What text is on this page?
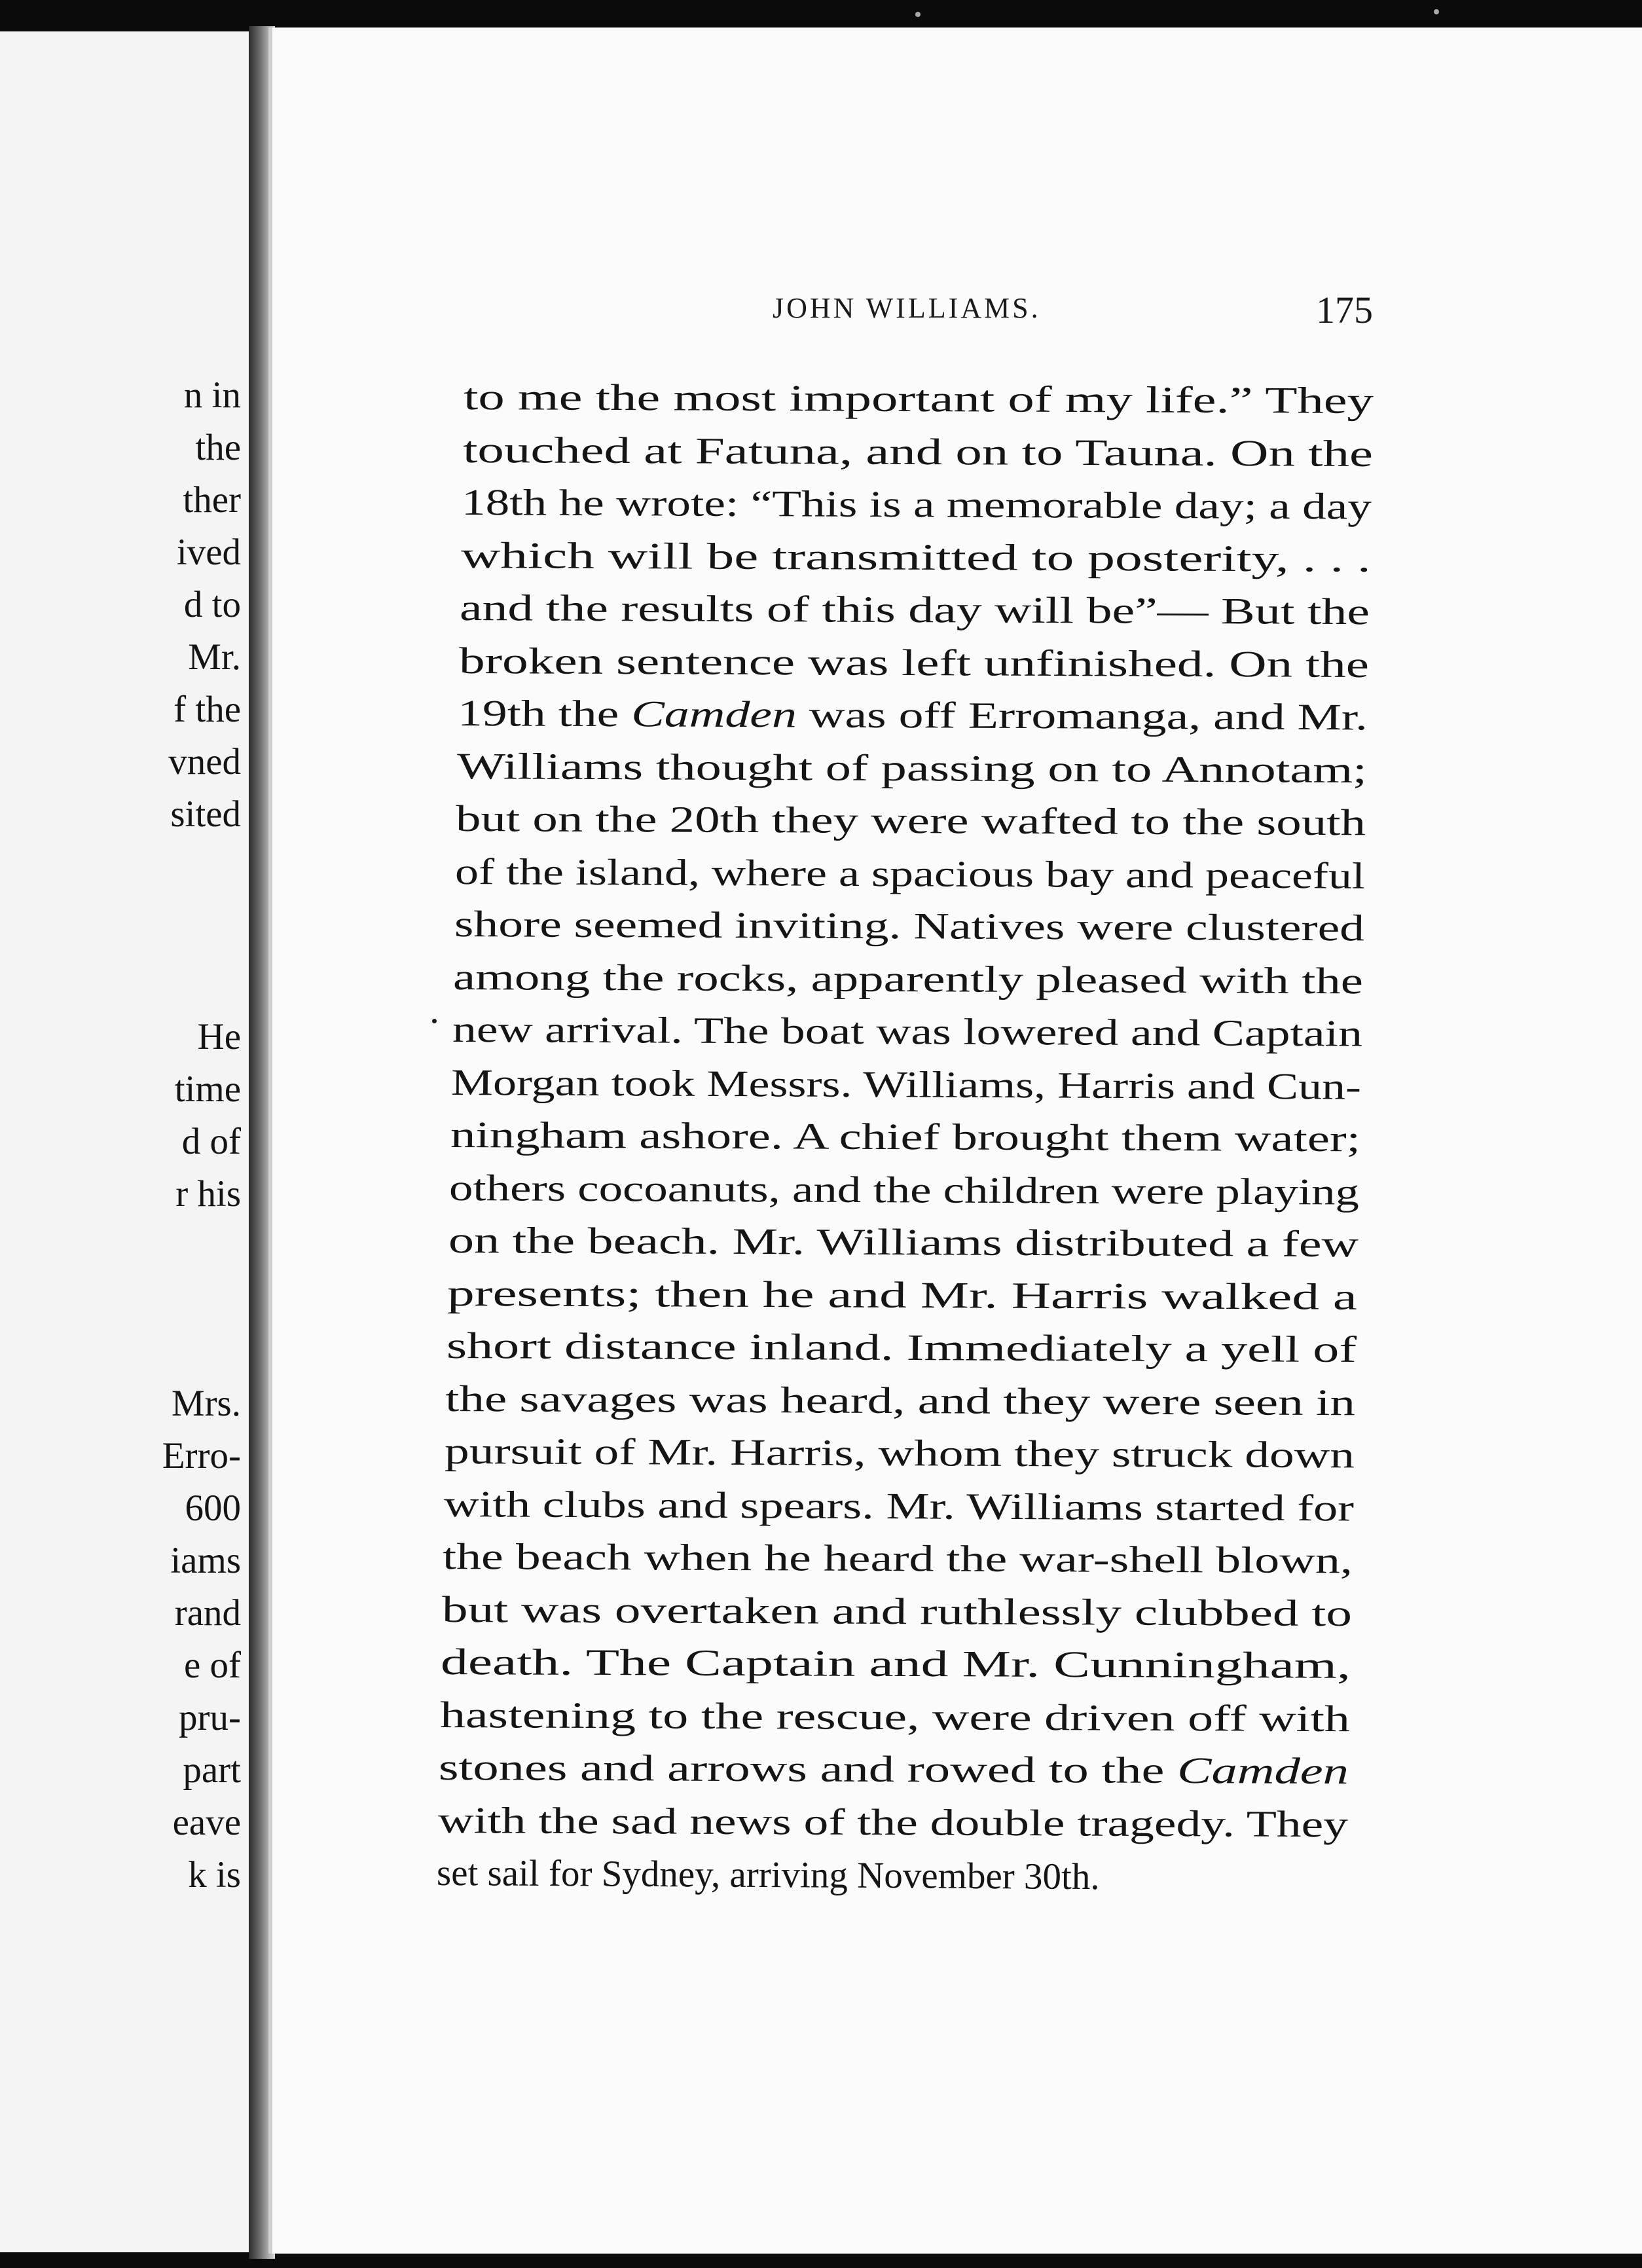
n in
the
ther
ived
d to
Mr.
f the
vned
sited
He
time
d of
r his
Mrs.
Erro-
600
iams
rand
e of
pru-
part
eave
k is
JOHN WILLIAMS.	175
to me the most important of my life.” They
touched at Fatuna, and on to Tauna. On the
18th he wrote: “This is a memorable day; a day
which will be transmitted to posterity, . . .
and the results of this day will be”— But the
broken sentence was left unfinished. On the
19th the Camden was off Erromanga, and Mr.
Williams thought of passing on to Annotam;
but on the 20th they were wafted to the south
of the island, where a spacious bay and peaceful
shore seemed inviting. Natives were clustered
among the rocks, apparently pleased with the
new arrival. The boat was lowered and Captain
Morgan took Messrs. Williams, Harris and Cun-
ningham ashore. A chief brought them water;
others cocoanuts, and the children were playing
on the beach. Mr. Williams distributed a few
presents; then he and Mr. Harris walked a
short distance inland. Immediately a yell of
the savages was heard, and they were seen in
pursuit of Mr. Harris, whom they struck down
with clubs and spears. Mr. Williams started for
the beach when he heard the war-shell blown,
but was overtaken and ruthlessly clubbed to
death. The Captain and Mr. Cunningham,
hastening to the rescue, were driven off with
stones and arrows and rowed to the Camden
with the sad news of the double tragedy. They
set sail for Sydney, arriving November 30th.
